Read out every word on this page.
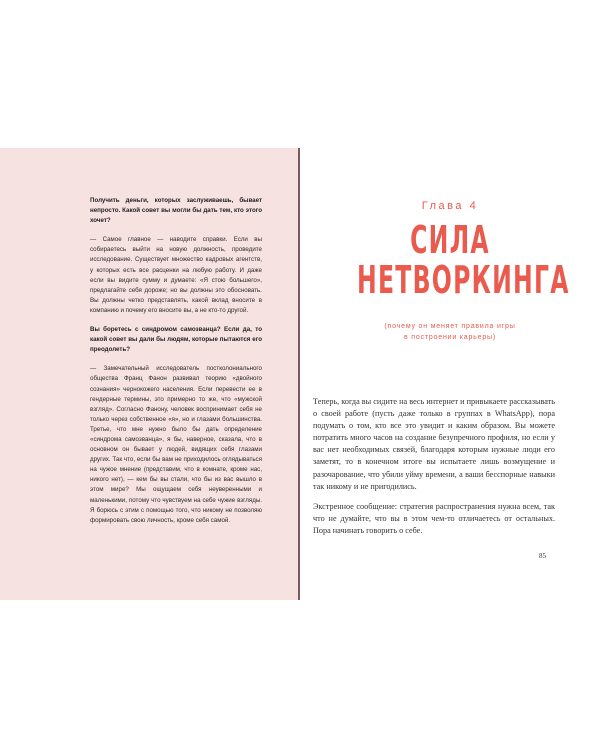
Получить деньги, которых заслуживаешь, бывает непросто. Какой совет вы могли бы дать тем, кто этого хочет?

— Самое главное — наводите справки. Если вы собираетесь выйти на новую должность, проведите исследование. Существует множество кадровых агентств, у которых есть все расценки на любую работу. И даже если вы видите сумму и думаете: «Я стою большего», предлагайте себя дороже; но вы должны это обосновать. Вы должны четко представлять, какой вклад вносите в компанию и почему его вносите вы, а не кто-то другой.

Вы боретесь с синдромом самозванца? Если да, то какой совет вы дали бы людям, которые пытаются его преодолеть?

— Замечательный исследователь постколониального общества Франц Фанон развивал теорию «двойного сознания» чернокожего населения. Если перевести ее в гендерные термины, это примерно то же, что «мужской взгляд». Согласно Фанону, человек воспринимает себя не только через собственное «я», но и глазами большинства. Третье, что мне нужно было бы дать определение «синдрома самозванца», я бы, наверное, сказала, что в основном он бывает у людей, видящих себя глазами других. Так что, если бы вам не приходилось оглядываться на чужое мнение (представим, что в комнате, кроме нас, никого нет), — кем бы вы стали, что бы из вас вышло в этом мире? Мы ощущаем себя неуверенными и маленькими, потому что чувствуем на себе чужие взгляды. Я борюсь с этим с помощью того, что никому не позволяю формировать свою личность, кроме себя самой.

Глава 4
СИЛА
НЕТВОРКИНГА
(почему он меняет правила игры
в построении карьеры)

Теперь, когда вы сидите на весь интернет и привыкаете рассказывать о своей работе (пусть даже только в группах в WhatsApp), пора подумать о том, кто все это увидит и каким образом. Вы можете потратить много часов на создание безупречного профиля, но если у вас нет необходимых связей, благодаря которым нужные люди его заметят, то в конечном итоге вы испытаете лишь возмущение и разочарование, что убили уйму времени, а ваши бесспорные навыки так никому и не пригодились.

Экстренное сообщение: стратегия распространения нужна всем, так что не думайте, что вы в этом чем-то отличаетесь от остальных. Пора начинать говорить о себе.

85
